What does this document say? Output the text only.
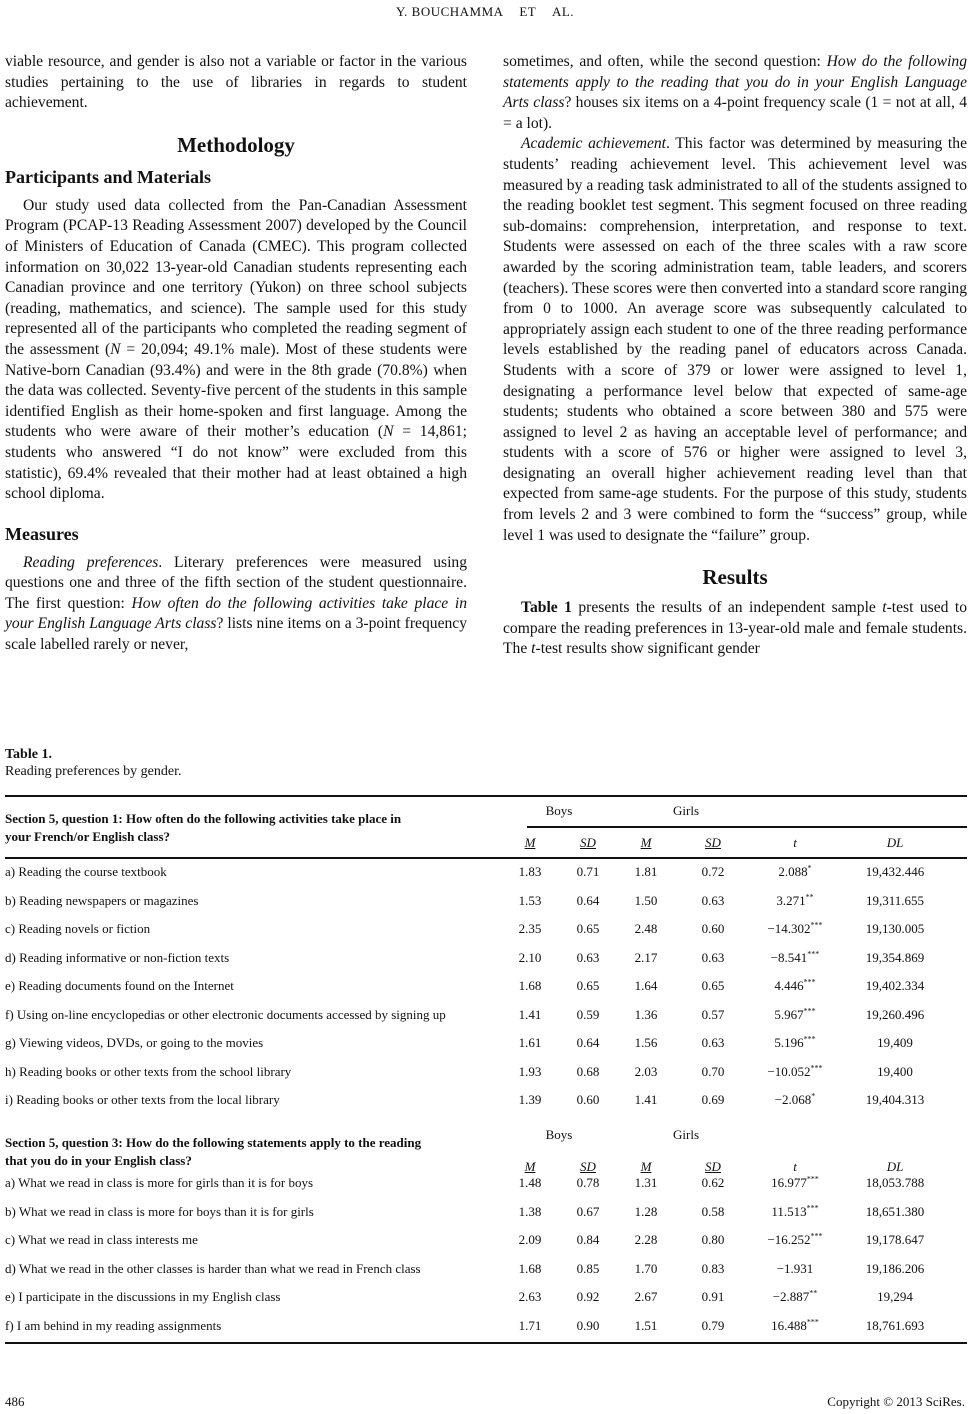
Y. BOUCHAMMA ET AL.

viable resource, and gender is also not a variable or factor in the various studies pertaining to the use of libraries in regards to student achievement.

Methodology
Participants and Materials

Our study used data collected from the Pan-Canadian Assessment Program (PCAP-13 Reading Assessment 2007) developed by the Council of Ministers of Education of Canada (CMEC). This program collected information on 30,022 13-year-old Canadian students representing each Canadian province and one territory (Yukon) on three school subjects (reading, mathematics, and science). The sample used for this study represented all of the participants who completed the reading segment of the assessment (N = 20,094; 49.1% male). Most of these students were Native-born Canadian (93.4%) and were in the 8th grade (70.8%) when the data was collected. Seventy-five percent of the students in this sample identified English as their home-spoken and first language. Among the students who were aware of their mother’s education (N = 14,861; students who answered “I do not know” were excluded from this statistic), 69.4% revealed that their mother had at least obtained a high school diploma.

Measures

Reading preferences. Literary preferences were measured using questions one and three of the fifth section of the student questionnaire. The first question: How often do the following activities take place in your English Language Arts class? lists nine items on a 3-point frequency scale labelled rarely or never,

sometimes, and often, while the second question: How do the following statements apply to the reading that you do in your English Language Arts class? houses six items on a 4-point frequency scale (1 = not at all, 4 = a lot).

Academic achievement. This factor was determined by measuring the students’ reading achievement level. This achievement level was measured by a reading task administrated to all of the students assigned to the reading booklet test segment. This segment focused on three reading sub-domains: comprehension, interpretation, and response to text. Students were assessed on each of the three scales with a raw score awarded by the scoring administration team, table leaders, and scorers (teachers). These scores were then converted into a standard score ranging from 0 to 1000. An average score was subsequently calculated to appropriately assign each student to one of the three reading performance levels established by the reading panel of educators across Canada. Students with a score of 379 or lower were assigned to level 1, designating a performance level below that expected of same-age students; students who obtained a score between 380 and 575 were assigned to level 2 as having an acceptable level of performance; and students with a score of 576 or higher were assigned to level 3, designating an overall higher achievement reading level than that expected from same-age students. For the purpose of this study, students from levels 2 and 3 were combined to form the “success” group, while level 1 was used to designate the “failure” group.

Results

Table 1 presents the results of an independent sample t-test used to compare the reading preferences in 13-year-old male and female students. The t-test results show significant gender

Table 1.
Reading preferences by gender.
Section 5, question 1: How often do the following activities take place in
your French/or English class?
Boys	Girls
M	SD	M	SD	t	DL
a) Reading the course textbook	1.83	0.71	1.81	0.72	2.088*	19,432.446
b) Reading newspapers or magazines	1.53	0.64	1.50	0.63	3.271**	19,311.655
c) Reading novels or fiction	2.35	0.65	2.48	0.60	−14.302***	19,130.005
d) Reading informative or non-fiction texts	2.10	0.63	2.17	0.63	−8.541***	19,354.869
e) Reading documents found on the Internet	1.68	0.65	1.64	0.65	4.446***	19,402.334
f) Using on-line encyclopedias or other electronic documents accessed by signing up	1.41	0.59	1.36	0.57	5.967***	19,260.496
g) Viewing videos, DVDs, or going to the movies	1.61	0.64	1.56	0.63	5.196***	19,409
h) Reading books or other texts from the school library	1.93	0.68	2.03	0.70	−10.052***	19,400
i) Reading books or other texts from the local library	1.39	0.60	1.41	0.69	−2.068*	19,404.313
Section 5, question 3: How do the following statements apply to the reading
that you do in your English class?
Boys	Girls
M	SD	M	SD	t	DL
a) What we read in class is more for girls than it is for boys	1.48	0.78	1.31	0.62	16.977***	18,053.788
b) What we read in class is more for boys than it is for girls	1.38	0.67	1.28	0.58	11.513***	18,651.380
c) What we read in class interests me	2.09	0.84	2.28	0.80	−16.252***	19,178.647
d) What we read in the other classes is harder than what we read in French class	1.68	0.85	1.70	0.83	−1.931	19,186.206
e) I participate in the discussions in my English class	2.63	0.92	2.67	0.91	−2.887**	19,294
f) I am behind in my reading assignments	1.71	0.90	1.51	0.79	16.488***	18,761.693
486	Copyright © 2013 SciRes.
